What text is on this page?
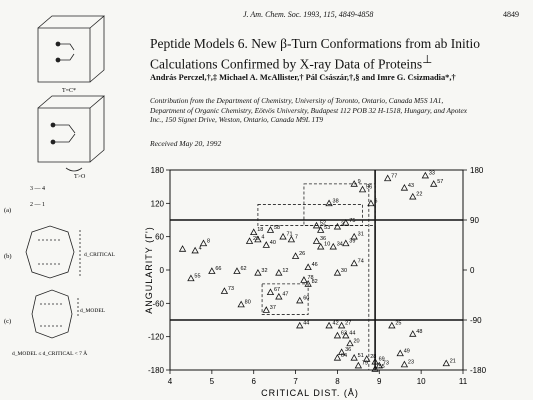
J. Am. Chem. Soc. 1993, 115, 4849-4858	4849
Peptide Models 6. New β-Turn Conformations from ab Initio Calculations Confirmed by X-ray Data of Proteins⊥
András Perczel,†,‡ Michael A. McAllister,† Pál Császár,†,§ and Imre G. Csizmadia*,†
Contribution from the Department of Chemistry, University of Toronto, Ontario, Canada M5S 1A1, Department of Organic Chemistry, Eötvös University, Budapest 112 POB 32 H-1518, Hungary, and Apotex Inc., 150 Signet Drive, Weston, Ontario, Canada M9L 1T9
Received May 20, 1992
T=C*
T>O
(a)
3 — 4
2 — 1
(b)	d_CRITICAL
(c)
d_MODEL
d_MODEL ≤ d_CRITICAL < 7 Å
ANGULARITY (Γ')
CRITICAL DIST. (Å)
4	5	6	7	8	9	10	11
180
120
60
0
-60
-120
-180
180
90
0
-90
-180
4
8
66
55
62
29 4
18 58
40
71 7
73
32	12
67
47
80
37
60
78
82
26
46
36
10 34
39
31
30
74
52
53
2
75
38
9
56
6
77
43
33
57
22
42 27	25
48
63 44
20
36
64 51 28
49
69
73	23
79
55
21
44
